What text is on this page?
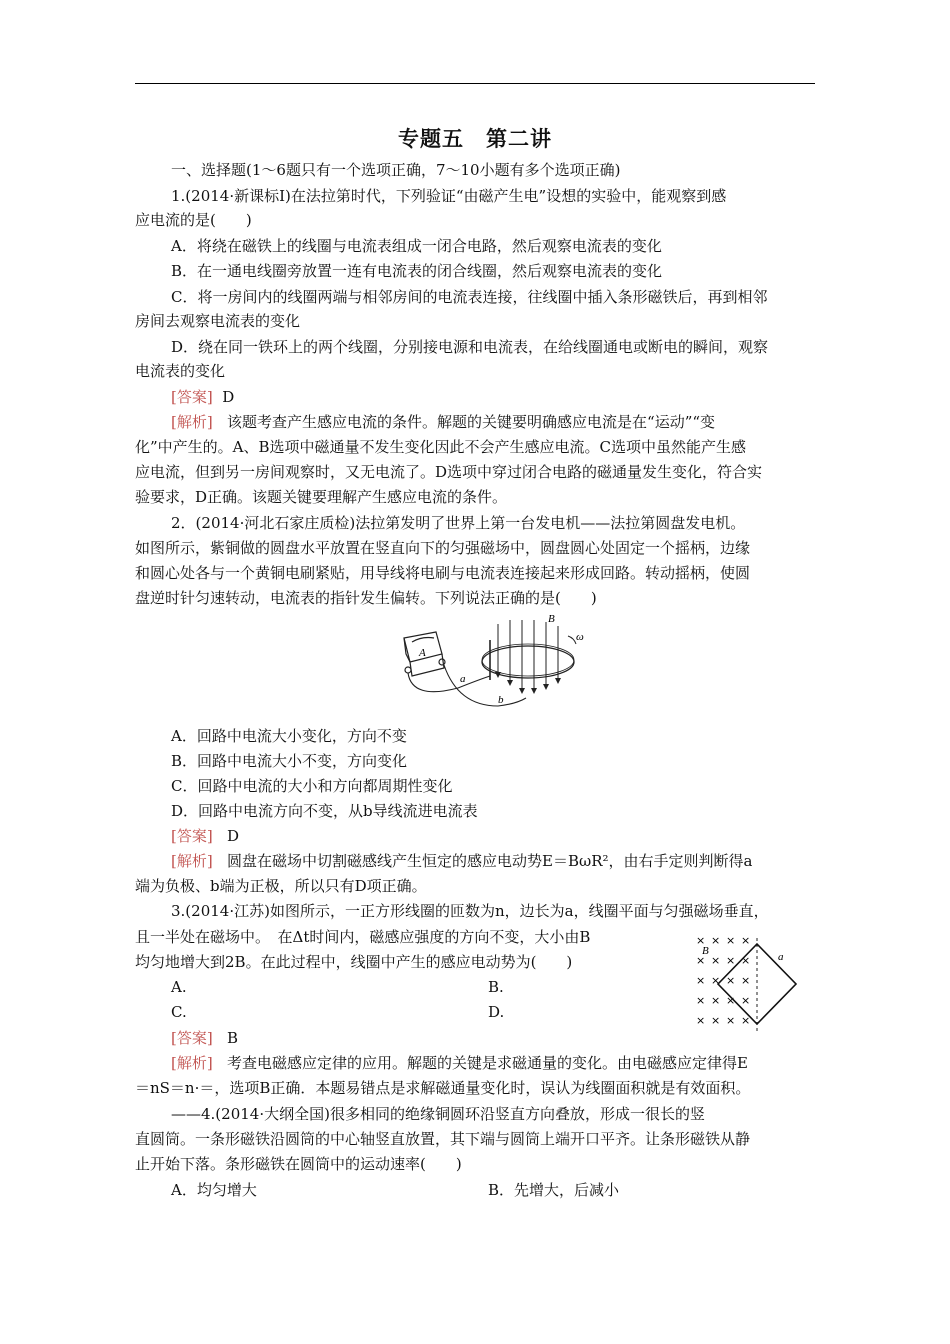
专题五　第二讲
一、选择题(1～6题只有一个选项正确，7～10小题有多个选项正确)
1.(2014·新课标Ⅰ)在法拉第时代，下列验证“由磁产生电”设想的实验中，能观察到感
应电流的是(　　)
A．将绕在磁铁上的线圈与电流表组成一闭合电路，然后观察电流表的变化
B．在一通电线圈旁放置一连有电流表的闭合线圈，然后观察电流表的变化
C．将一房间内的线圈两端与相邻房间的电流表连接，往线圈中插入条形磁铁后，再到相邻
房间去观察电流表的变化
D．绕在同一铁环上的两个线圈，分别接电源和电流表，在给线圈通电或断电的瞬间，观察
电流表的变化
[答案] D
[解析] 该题考查产生感应电流的条件。解题的关键要明确感应电流是在“运动”“变
化”中产生的。A、B选项中磁通量不发生变化因此不会产生感应电流。C选项中虽然能产生感
应电流，但到另一房间观察时，又无电流了。D选项中穿过闭合电路的磁通量发生变化，符合实
验要求，D正确。该题关键要理解产生感应电流的条件。
2．(2014·河北石家庄质检)法拉第发明了世界上第一台发电机——法拉第圆盘发电机。
如图所示，紫铜做的圆盘水平放置在竖直向下的匀强磁场中，圆盘圆心处固定一个摇柄，边缘
和圆心处各与一个黄铜电刷紧贴，用导线将电刷与电流表连接起来形成回路。转动摇柄，使圆
盘逆时针匀速转动，电流表的指针发生偏转。下列说法正确的是(　　)
A
a
b
B
ω
A．回路中电流大小变化，方向不变
B．回路中电流大小不变，方向变化
C．回路中电流的大小和方向都周期性变化
D．回路中电流方向不变，从b导线流进电流表
[答案] D
[解析] 圆盘在磁场中切割磁感线产生恒定的感应电动势E＝BωR²，由右手定则判断得a
端为负极、b端为正极，所以只有D项正确。
3.(2014·江苏)如图所示，一正方形线圈的匝数为n，边长为a，线圈平面与匀强磁场垂直，
且一半处在磁场中。　在Δt时间内，磁感应强度的方向不变，大小由B
均匀地增大到2B。在此过程中，线圈中产生的感应电动势为(　　)
A.	B.
C.	D.
× × × ×
× × × ×
× × × ×
× × × ×
× × × ×
B	a
[答案] B
[解析] 考查电磁感应定律的应用。解题的关键是求磁通量的变化。由电磁感应定律得E
＝nS＝n·＝，选项B正确．本题易错点是求解磁通量变化时，误认为线圈面积就是有效面积。
——4.(2014·大纲全国)很多相同的绝缘铜圆环沿竖直方向叠放，形成一很长的竖
直圆筒。一条形磁铁沿圆筒的中心轴竖直放置，其下端与圆筒上端开口平齐。让条形磁铁从静
止开始下落。条形磁铁在圆筒中的运动速率(　　)
A．均匀增大	B．先增大，后减小
